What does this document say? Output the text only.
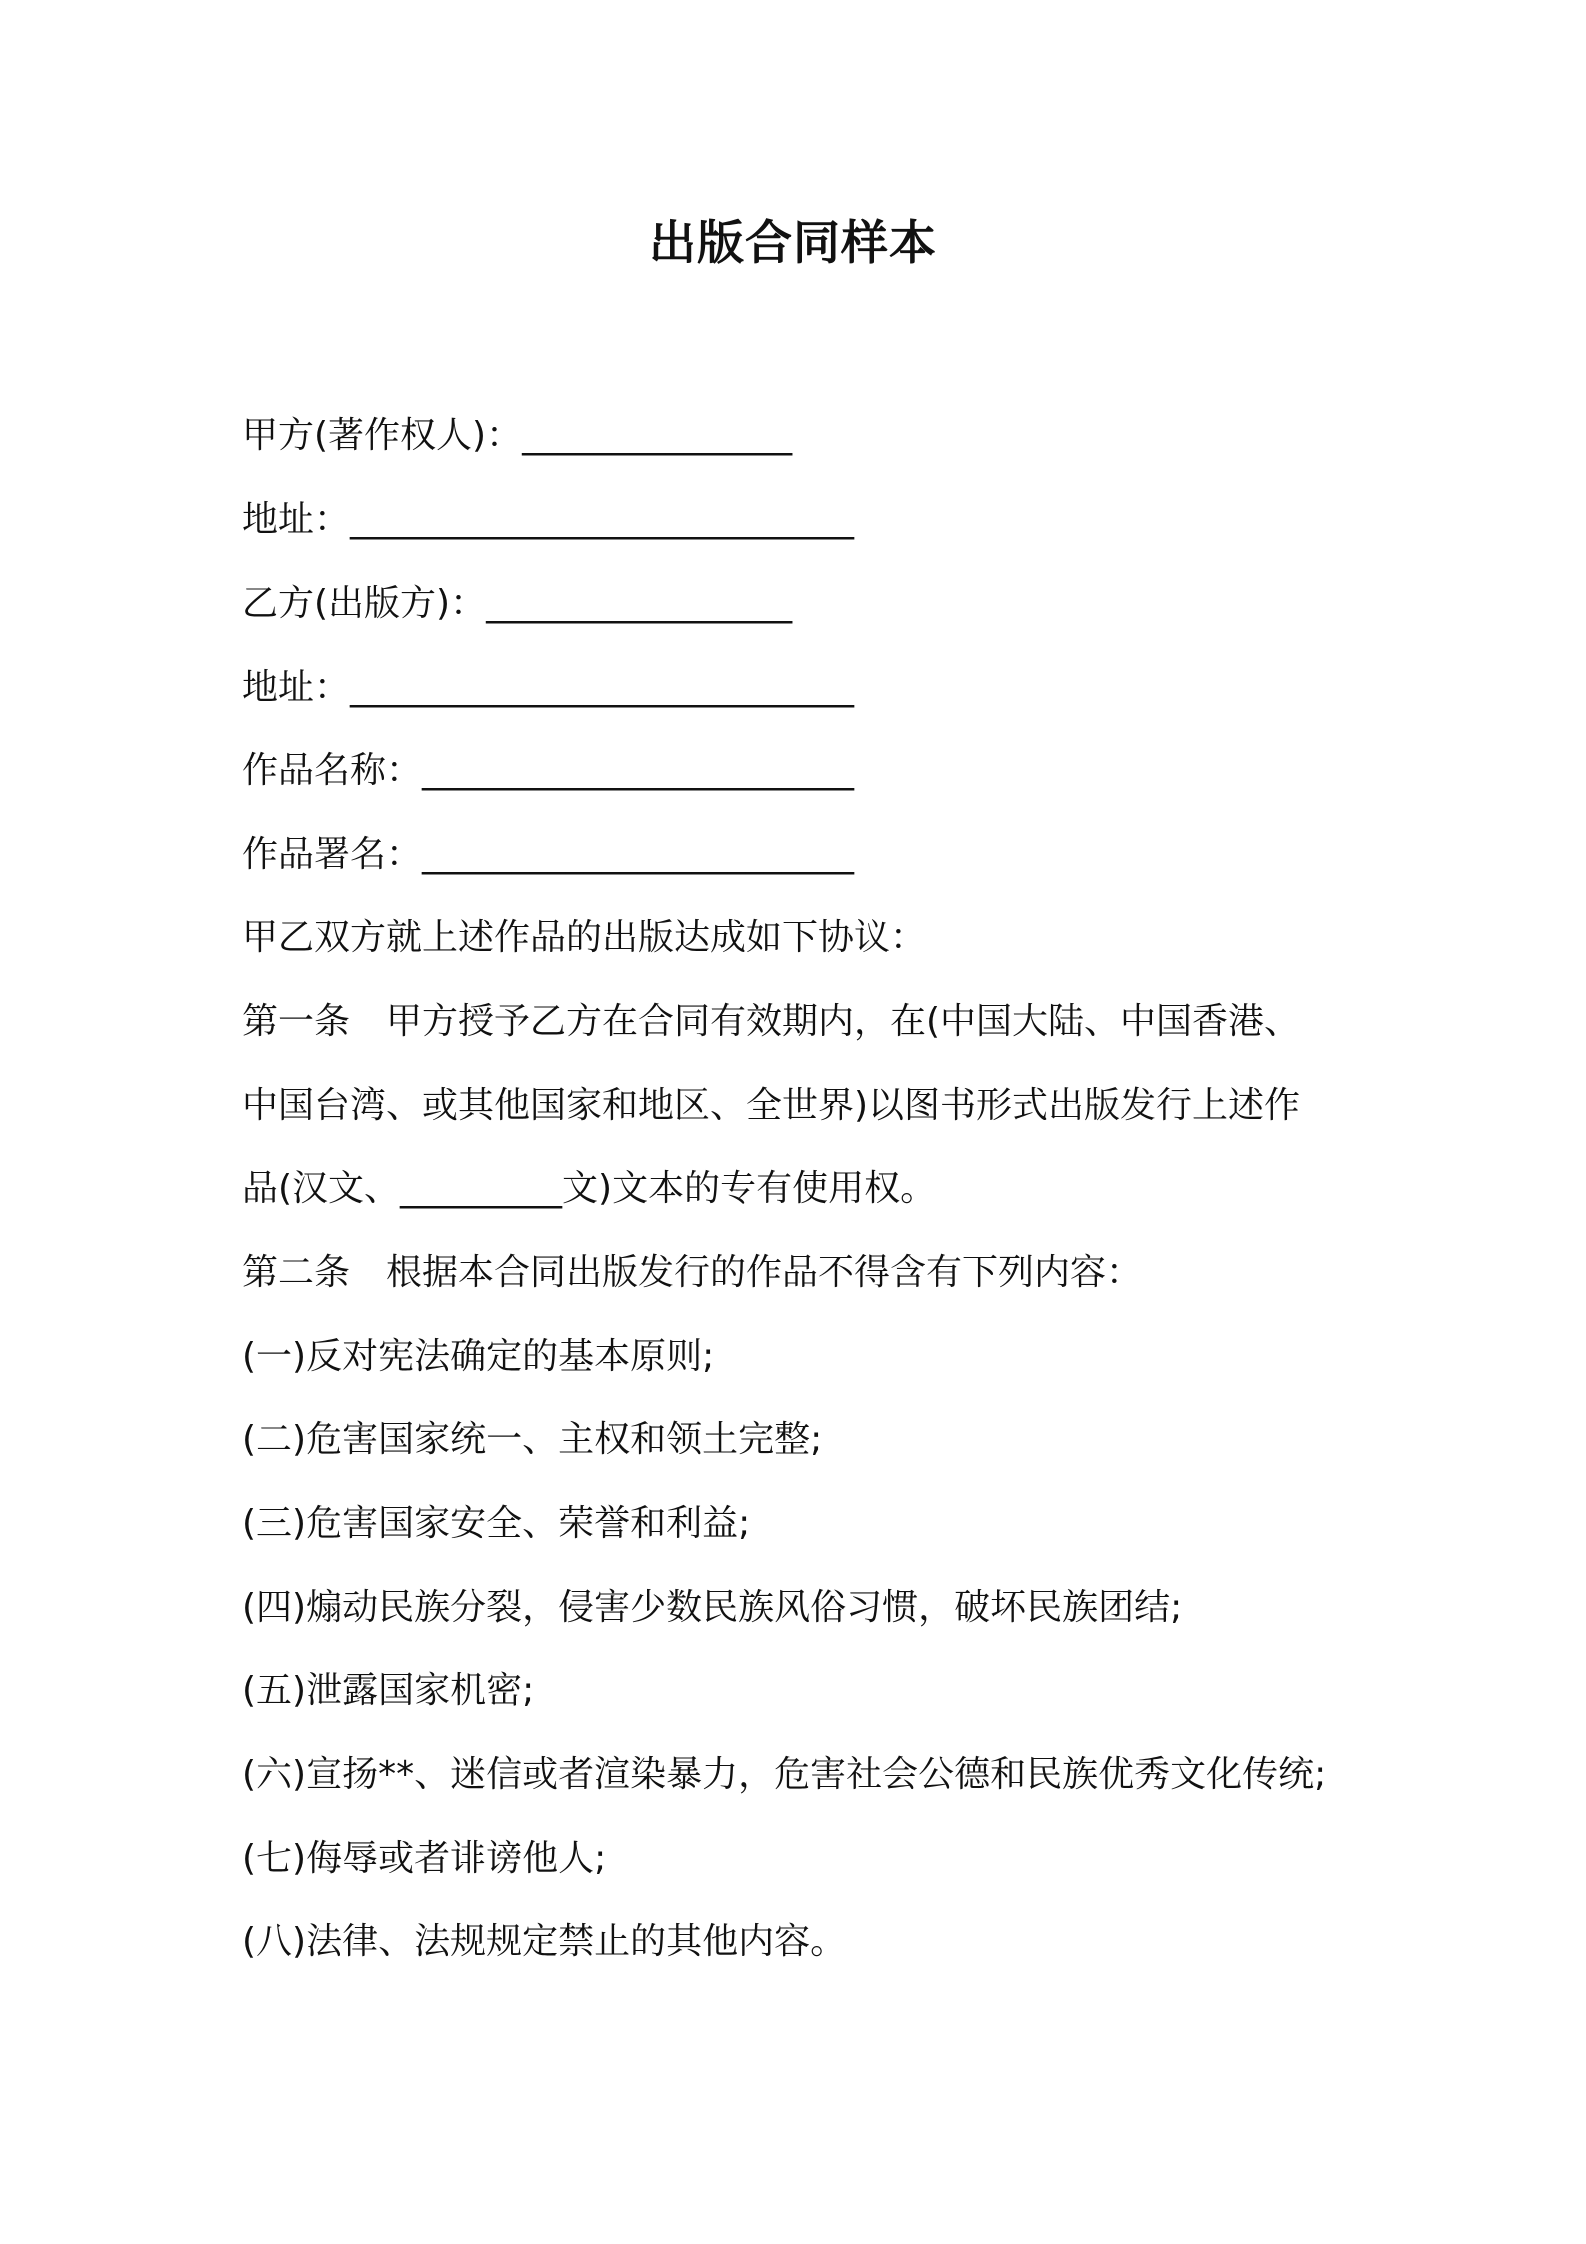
出版合同样本
甲方(著作权人)：_______________
地址：____________________________
乙方(出版方)：_________________
地址：____________________________
作品名称：________________________
作品署名：________________________
甲乙双方就上述作品的出版达成如下协议：
第一条　甲方授予乙方在合同有效期内，在(中国大陆、中国香港、
中国台湾、或其他国家和地区、全世界)以图书形式出版发行上述作
品(汉文、_________文)文本的专有使用权。
第二条　根据本合同出版发行的作品不得含有下列内容：
(一)反对宪法确定的基本原则;
(二)危害国家统一、主权和领土完整;
(三)危害国家安全、荣誉和利益;
(四)煽动民族分裂，侵害少数民族风俗习惯，破坏民族团结;
(五)泄露国家机密;
(六)宣扬**、迷信或者渲染暴力，危害社会公德和民族优秀文化传统;
(七)侮辱或者诽谤他人;
(八)法律、法规规定禁止的其他内容。
